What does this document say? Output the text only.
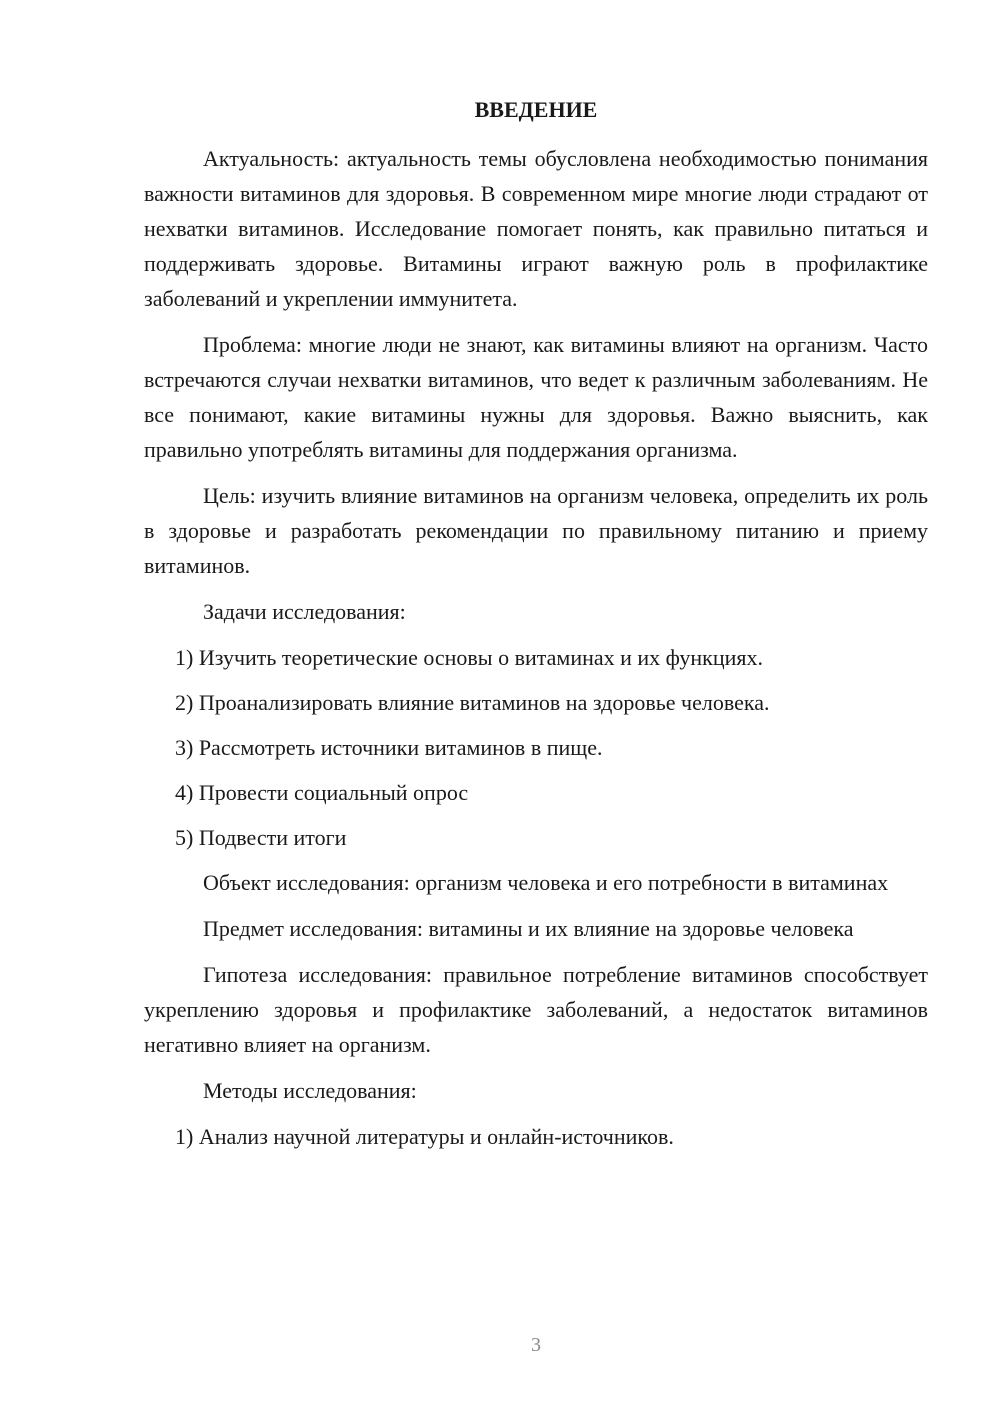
ВВЕДЕНИЕ
Актуальность: актуальность темы обусловлена необходимостью понимания важности витаминов для здоровья. В современном мире многие люди страдают от нехватки витаминов. Исследование помогает понять, как правильно питаться и поддерживать здоровье. Витамины играют важную роль в профилактике заболеваний и укреплении иммунитета.
Проблема: многие люди не знают, как витамины влияют на организм. Часто встречаются случаи нехватки витаминов, что ведет к различным заболеваниям. Не все понимают, какие витамины нужны для здоровья. Важно выяснить, как правильно употреблять витамины для поддержания организма.
Цель: изучить влияние витаминов на организм человека, определить их роль в здоровье и разработать рекомендации по правильному питанию и приему витаминов.
Задачи исследования:
1) Изучить теоретические основы о витаминах и их функциях.
2) Проанализировать влияние витаминов на здоровье человека.
3) Рассмотреть источники витаминов в пище.
4) Провести социальный опрос
5) Подвести итоги
Объект исследования: организм человека и его потребности в витаминах
Предмет исследования: витамины и их влияние на здоровье человека
Гипотеза исследования: правильное потребление витаминов способствует укреплению здоровья и профилактике заболеваний, а недостаток витаминов негативно влияет на организм.
Методы исследования:
1) Анализ научной литературы и онлайн-источников.
3
